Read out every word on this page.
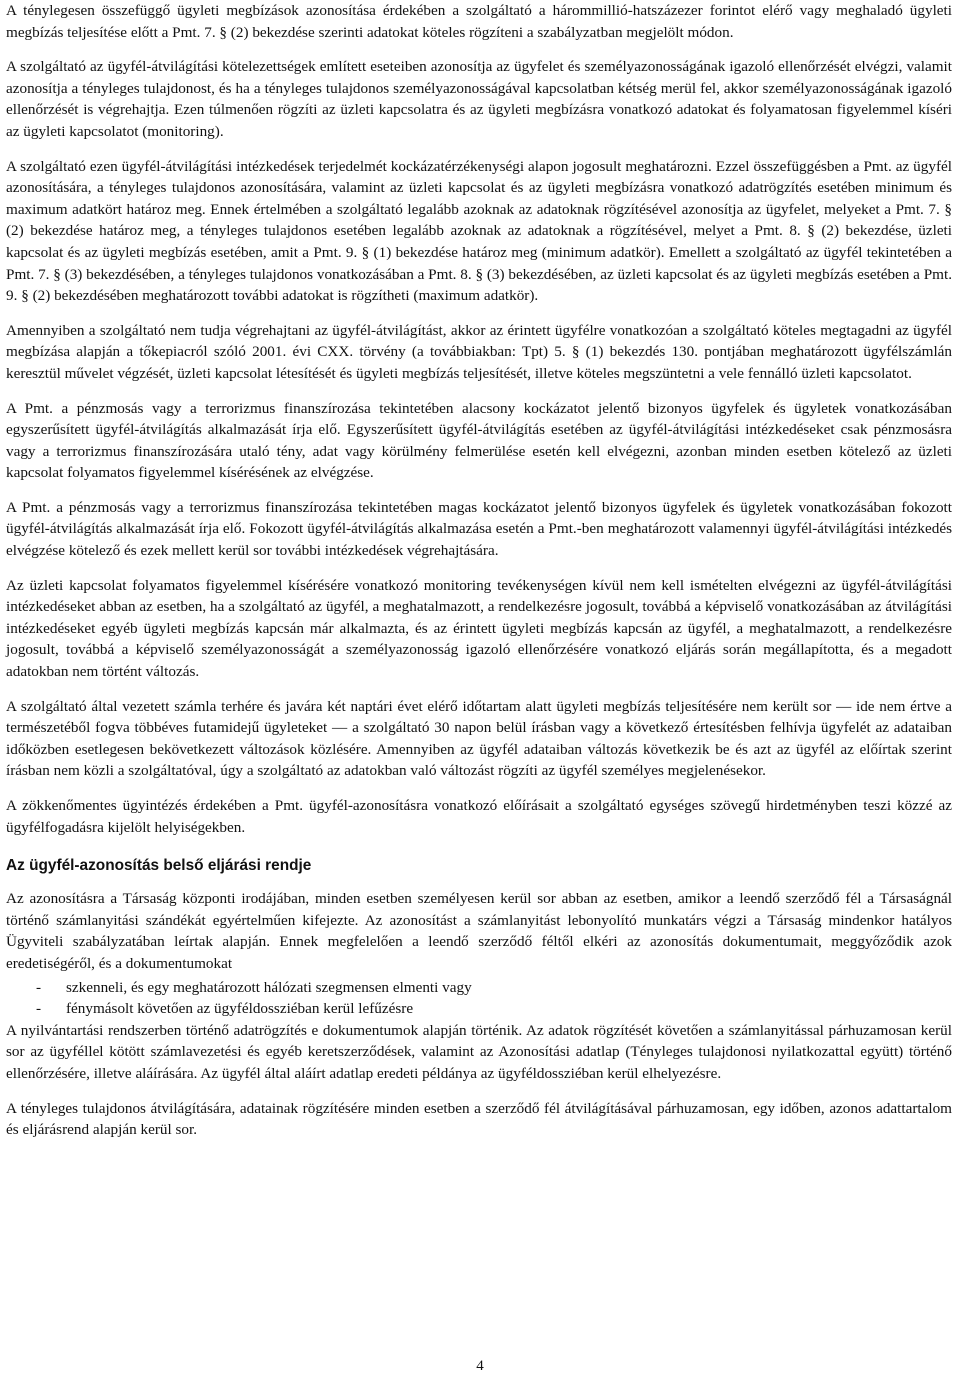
A ténylegesen összefüggő ügyleti megbízások azonosítása érdekében a szolgáltató a hárommillió-hatszázezer forintot elérő vagy meghaladó ügyleti megbízás teljesítése előtt a Pmt. 7. § (2) bekezdése szerinti adatokat köteles rögzíteni a szabályzatban megjelölt módon.

A szolgáltató az ügyfél-átvilágítási kötelezettségek említett eseteiben azonosítja az ügyfelet és személyazonosságának igazoló ellenőrzését elvégzi, valamit azonosítja a tényleges tulajdonost, és ha a tényleges tulajdonos személyazonosságával kapcsolatban kétség merül fel, akkor személyazonosságának igazoló ellenőrzését is végrehajtja. Ezen túlmenően rögzíti az üzleti kapcsolatra és az ügyleti megbízásra vonatkozó adatokat és folyamatosan figyelemmel kíséri az ügyleti kapcsolatot (monitoring).

A szolgáltató ezen ügyfél-átvilágítási intézkedések terjedelmét kockázatérzékenységi alapon jogosult meghatározni. Ezzel összefüggésben a Pmt. az ügyfél azonosítására, a tényleges tulajdonos azonosítására, valamint az üzleti kapcsolat és az ügyleti megbízásra vonatkozó adatrögzítés esetében minimum és maximum adatkört határoz meg. Ennek értelmében a szolgáltató legalább azoknak az adatoknak rögzítésével azonosítja az ügyfelet, melyeket a Pmt. 7. § (2) bekezdése határoz meg, a tényleges tulajdonos esetében legalább azoknak az adatoknak a rögzítésével, melyet a Pmt. 8. § (2) bekezdése, üzleti kapcsolat és az ügyleti megbízás esetében, amit a Pmt. 9. § (1) bekezdése határoz meg (minimum adatkör). Emellett a szolgáltató az ügyfél tekintetében a Pmt. 7. § (3) bekezdésében, a tényleges tulajdonos vonatkozásában a Pmt. 8. § (3) bekezdésében, az üzleti kapcsolat és az ügyleti megbízás esetében a Pmt. 9. § (2) bekezdésében meghatározott további adatokat is rögzítheti (maximum adatkör).

Amennyiben a szolgáltató nem tudja végrehajtani az ügyfél-átvilágítást, akkor az érintett ügyfélre vonatkozóan a szolgáltató köteles megtagadni az ügyfél megbízása alapján a tőkepiacról szóló 2001. évi CXX. törvény (a továbbiakban: Tpt) 5. § (1) bekezdés 130. pontjában meghatározott ügyfélszámlán keresztül művelet végzését, üzleti kapcsolat létesítését és ügyleti megbízás teljesítését, illetve köteles megszüntetni a vele fennálló üzleti kapcsolatot.

A Pmt. a pénzmosás vagy a terrorizmus finanszírozása tekintetében alacsony kockázatot jelentő bizonyos ügyfelek és ügyletek vonatkozásában egyszerűsített ügyfél-átvilágítás alkalmazását írja elő. Egyszerűsített ügyfél-átvilágítás esetében az ügyfél-átvilágítási intézkedéseket csak pénzmosásra vagy a terrorizmus finanszírozására utaló tény, adat vagy körülmény felmerülése esetén kell elvégezni, azonban minden esetben kötelező az üzleti kapcsolat folyamatos figyelemmel kísérésének az elvégzése.

A Pmt. a pénzmosás vagy a terrorizmus finanszírozása tekintetében magas kockázatot jelentő bizonyos ügyfelek és ügyletek vonatkozásában fokozott ügyfél-átvilágítás alkalmazását írja elő. Fokozott ügyfél-átvilágítás alkalmazása esetén a Pmt.-ben meghatározott valamennyi ügyfél-átvilágítási intézkedés elvégzése kötelező és ezek mellett kerül sor további intézkedések végrehajtására.

Az üzleti kapcsolat folyamatos figyelemmel kísérésére vonatkozó monitoring tevékenységen kívül nem kell ismételten elvégezni az ügyfél-átvilágítási intézkedéseket abban az esetben, ha a szolgáltató az ügyfél, a meghatalmazott, a rendelkezésre jogosult, továbbá a képviselő vonatkozásában az átvilágítási intézkedéseket egyéb ügyleti megbízás kapcsán már alkalmazta, és az érintett ügyleti megbízás kapcsán az ügyfél, a meghatalmazott, a rendelkezésre jogosult, továbbá a képviselő személyazonosságát a személyazonosság igazoló ellenőrzésére vonatkozó eljárás során megállapította, és a megadott adatokban nem történt változás.

A szolgáltató által vezetett számla terhére és javára két naptári évet elérő időtartam alatt ügyleti megbízás teljesítésére nem került sor — ide nem értve a természetéből fogva többéves futamidejű ügyleteket — a szolgáltató 30 napon belül írásban vagy a következő értesítésben felhívja ügyfelét az adataiban időközben esetlegesen bekövetkezett változások közlésére. Amennyiben az ügyfél adataiban változás következik be és azt az ügyfél az előírtak szerint írásban nem közli a szolgáltatóval, úgy a szolgáltató az adatokban való változást rögzíti az ügyfél személyes megjelenésekor.

A zökkenőmentes ügyintézés érdekében a Pmt. ügyfél-azonosításra vonatkozó előírásait a szolgáltató egységes szövegű hirdetményben teszi közzé az ügyfélfogadásra kijelölt helyiségekben.

Az ügyfél-azonosítás belső eljárási rendje

Az azonosításra a Társaság központi irodájában, minden esetben személyesen kerül sor abban az esetben, amikor a leendő szerződő fél a Társaságnál történő számlanyitási szándékát egyértelműen kifejezte. Az azonosítást a számlanyitást lebonyolító munkatárs végzi a Társaság mindenkor hatályos Ügyviteli szabályzatában leírtak alapján. Ennek megfelelően a leendő szerződő féltől elkéri az azonosítás dokumentumait, meggyőződik azok eredetiségéről, és a dokumentumokat

- szkenneli, és egy meghatározott hálózati szegmensen elmenti vagy
- fénymásolt követően az ügyféldossziéban kerül lefűzésre

A nyilvántartási rendszerben történő adatrögzítés e dokumentumok alapján történik. Az adatok rögzítését követően a számlanyitással párhuzamosan kerül sor az ügyféllel kötött számlavezetési és egyéb keretszerződések, valamint az Azonosítási adatlap (Tényleges tulajdonosi nyilatkozattal együtt) történő ellenőrzésére, illetve aláírására. Az ügyfél által aláírt adatlap eredeti példánya az ügyféldossziéban kerül elhelyezésre.

A tényleges tulajdonos átvilágítására, adatainak rögzítésére minden esetben a szerződő fél átvilágításával párhuzamosan, egy időben, azonos adattartalom és eljárásrend alapján kerül sor.

4
